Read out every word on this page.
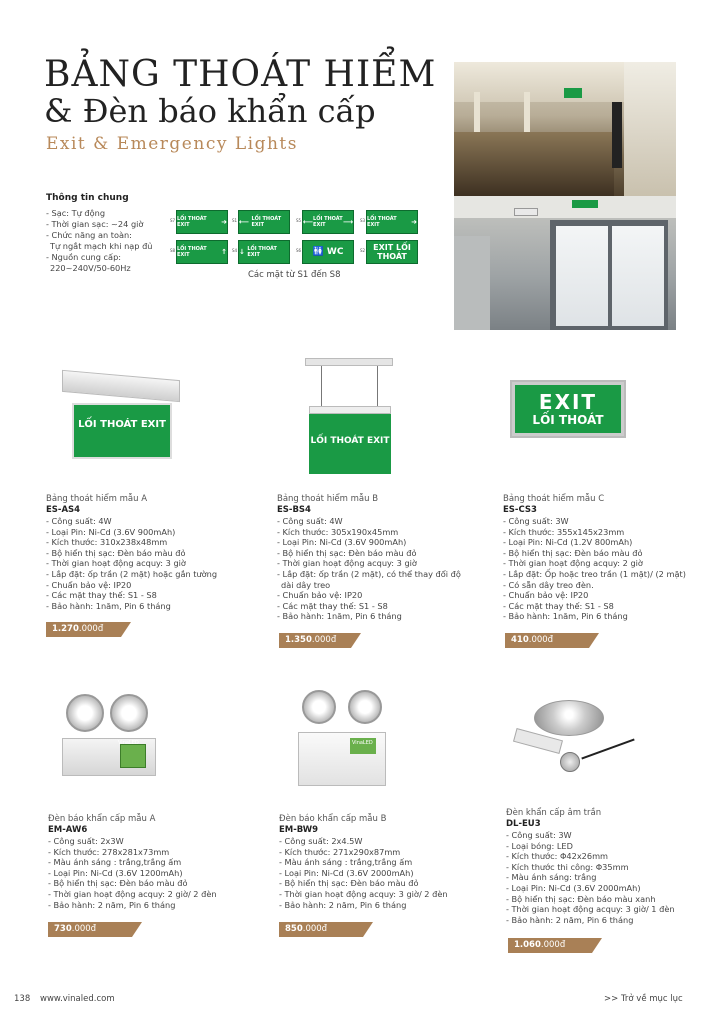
BẢNG THOÁT HIỂM
& Đèn báo khẩn cấp
Exit & Emergency Lights
Thông tin chung
- Sạc: Tự động
- Thời gian sạc: ~24 giờ
- Chức năng an toàn:
Tự ngắt mạch khi nạp đủ
- Nguồn cung cấp:
220~240V/50-60Hz
S7 LỐI THOÁT EXIT	➜ S1 ⟵ LỐI THOÁT EXIT
S5 ⟵ LỐI THOÁT EXIT	⟶ S3 LỐI THOÁT EXIT	➜
S8 LỐI THOÁT EXIT	↑ S4 ↓ LỐI THOÁT EXIT
S6	🚻 WC	S2	EXIT LỐI THOÁT
Các mặt từ S1 đến S8
LỐI THOÁT EXIT
LỐI THOÁT EXIT
EXIT
LỐI THOÁT
Bảng thoát hiểm mẫu A
ES-AS4
- Công suất: 4W
- Loại Pin: Ni-Cd (3.6V 900mAh)
- Kích thước: 310x238x48mm
- Bộ hiển thị sạc: Đèn báo màu đỏ
- Thời gian hoạt động acquy: 3 giờ
- Lắp đặt: ốp trần (2 mặt) hoặc gắn tường
- Chuẩn bảo vệ: IP20
- Các mặt thay thế: S1 - S8
- Bảo hành: 1năm, Pin 6 tháng
1.270.000đ
Bảng thoát hiểm mẫu B
ES-BS4
- Công suất: 4W
- Kích thước: 305x190x45mm
- Loại Pin: Ni-Cd (3.6V 900mAh)
- Bộ hiển thị sạc: Đèn báo màu đỏ
- Thời gian hoạt động acquy: 3 giờ
- Lắp đặt: ốp trần (2 mặt), có thể thay đổi độ
dài dây treo
- Chuẩn bảo vệ: IP20
- Các mặt thay thế: S1 - S8
- Bảo hành: 1năm, Pin 6 tháng
1.350.000đ
Bảng thoát hiểm mẫu C
ES-CS3
- Công suất: 3W
- Kích thước: 355x145x23mm
- Loại Pin: Ni-Cd (1.2V 800mAh)
- Bộ hiển thị sạc: Đèn báo màu đỏ
- Thời gian hoạt động acquy: 2 giờ
- Lắp đặt: Ốp hoặc treo trần (1 mặt)/ (2 mặt)
- Có sẵn dây treo đèn.
- Chuẩn bảo vệ: IP20
- Các mặt thay thế: S1 - S8
- Bảo hành: 1năm, Pin 6 tháng
410.000đ
VinaLED	VinaLED
Đèn báo khẩn cấp mẫu A
EM-AW6
- Công suất: 2x3W
- Kích thước: 278x281x73mm
- Màu ánh sáng : trắng,trắng ấm
- Loại Pin: Ni-Cd (3.6V 1200mAh)
- Bộ hiển thị sạc: Đèn báo màu đỏ
- Thời gian hoạt động acquy: 2 giờ/ 2 đèn
- Bảo hành: 2 năm, Pin 6 tháng
730.000đ
Đèn báo khẩn cấp mẫu B
EM-BW9
- Công suất: 2x4.5W
- Kích thước: 271x290x87mm
- Màu ánh sáng : trắng,trắng ấm
- Loại Pin: Ni-Cd (3.6V 2000mAh)
- Bộ hiển thị sạc: Đèn báo màu đỏ
- Thời gian hoạt động acquy: 3 giờ/ 2 đèn
- Bảo hành: 2 năm, Pin 6 tháng
850.000đ
Đèn khẩn cấp âm trần
DL-EU3
- Công suất: 3W
- Loại bóng: LED
- Kích thước: Φ42x26mm
- Kích thước thi công: Φ35mm
- Màu ánh sáng: trắng
- Loại Pin: Ni-Cd (3.6V 2000mAh)
- Bộ hiển thị sạc: Đèn báo màu xanh
- Thời gian hoạt động acquy: 3 giờ/ 1 đèn
- Bảo hành: 2 năm, Pin 6 tháng
1.060.000đ
138 www.vinaled.com	>> Trở về mục lục
